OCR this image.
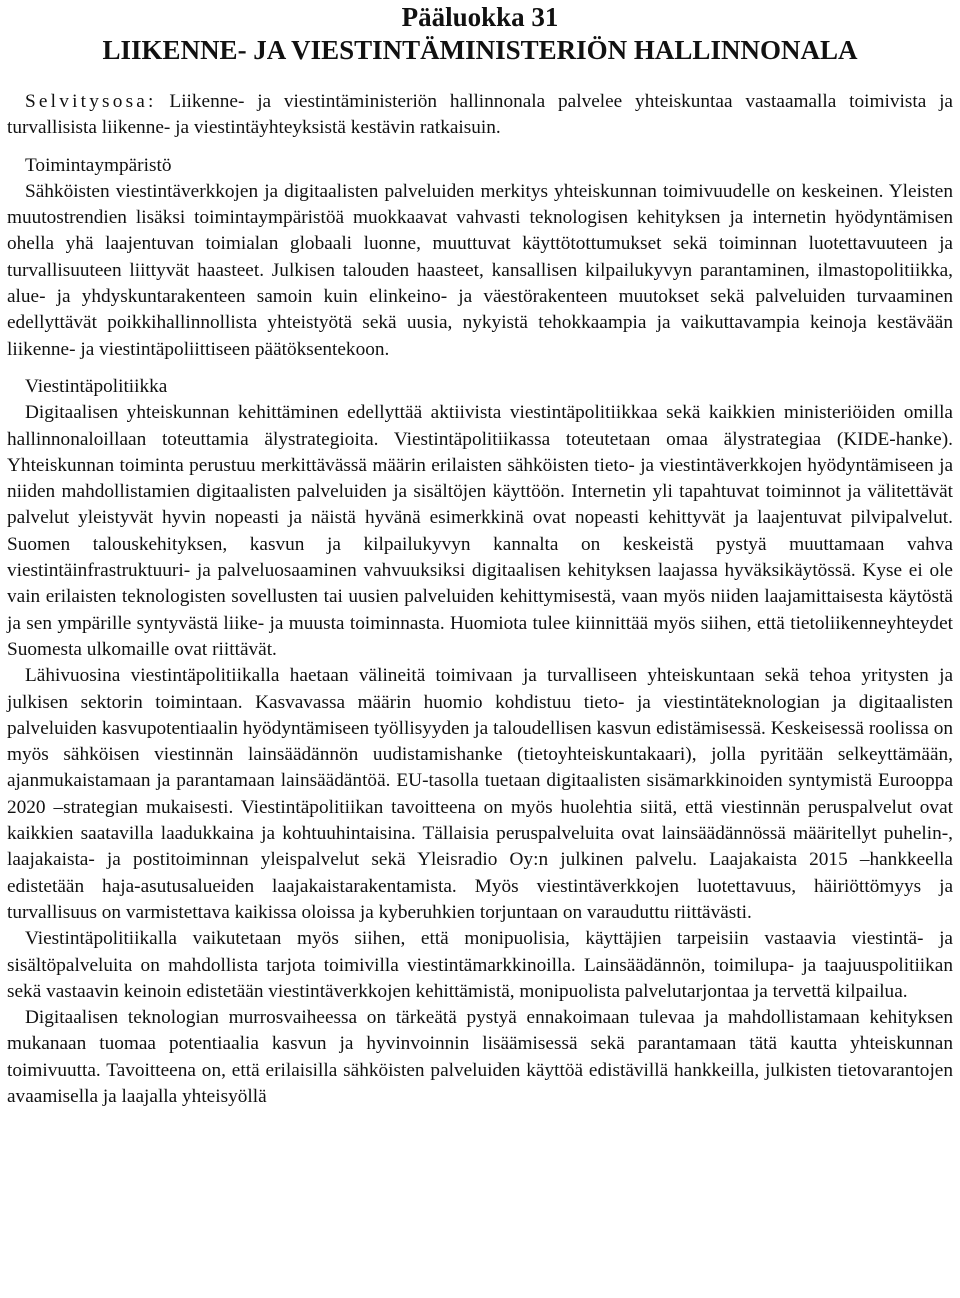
Pääluokka 31
LIIKENNE- JA VIESTINTÄMINISTERIÖN HALLINNONALA

Selvitysosa: Liikenne- ja viestintäministeriön hallinnonala palvelee yhteiskuntaa vastaamalla toimivista ja turvallisista liikenne- ja viestintäyhteyksistä kestävin ratkaisuin.

Toimintaympäristö

Sähköisten viestintäverkkojen ja digitaalisten palveluiden merkitys yhteiskunnan toimivuudelle on keskeinen. Yleisten muutostrendien lisäksi toimintaympäristöä muokkaavat vahvasti teknologisen kehityksen ja internetin hyödyntämisen ohella yhä laajentuvan toimialan globaali luonne, muuttuvat käyttötottumukset sekä toiminnan luotettavuuteen ja turvallisuuteen liittyvät haasteet. Julkisen talouden haasteet, kansallisen kilpailukyvyn parantaminen, ilmastopolitiikka, alue- ja yhdyskuntarakenteen samoin kuin elinkeino- ja väestörakenteen muutokset sekä palveluiden turvaaminen edellyttävät poikkihallinnollista yhteistyötä sekä uusia, nykyistä tehokkaampia ja vaikuttavampia keinoja kestävään liikenne- ja viestintäpoliittiseen päätöksentekoon.

Viestintäpolitiikka

Digitaalisen yhteiskunnan kehittäminen edellyttää aktiivista viestintäpolitiikkaa sekä kaikkien ministeriöiden omilla hallinnonaloillaan toteuttamia älystrategioita. Viestintäpolitiikassa toteutetaan omaa älystrategiaa (KIDE-hanke). Yhteiskunnan toiminta perustuu merkittävässä määrin erilaisten sähköisten tieto- ja viestintäverkkojen hyödyntämiseen ja niiden mahdollistamien digitaalisten palveluiden ja sisältöjen käyttöön. Internetin yli tapahtuvat toiminnot ja välitettävät palvelut yleistyvät hyvin nopeasti ja näistä hyvänä esimerkkinä ovat nopeasti kehittyvät ja laajentuvat pilvipalvelut. Suomen talouskehityksen, kasvun ja kilpailukyvyn kannalta on keskeistä pystyä muuttamaan vahva viestintäinfrastruktuuri- ja palveluosaaminen vahvuuksiksi digitaalisen kehityksen laajassa hyväksikäytössä. Kyse ei ole vain erilaisten teknologisten sovellusten tai uusien palveluiden kehittymisestä, vaan myös niiden laajamittaisesta käytöstä ja sen ympärille syntyvästä liike- ja muusta toiminnasta. Huomiota tulee kiinnittää myös siihen, että tietoliikenneyhteydet Suomesta ulkomaille ovat riittävät.

Lähivuosina viestintäpolitiikalla haetaan välineitä toimivaan ja turvalliseen yhteiskuntaan sekä tehoa yritysten ja julkisen sektorin toimintaan. Kasvavassa määrin huomio kohdistuu tieto- ja viestintäteknologian ja digitaalisten palveluiden kasvupotentiaalin hyödyntämiseen työllisyyden ja taloudellisen kasvun edistämisessä. Keskeisessä roolissa on myös sähköisen viestinnän lainsäädännön uudistamishanke (tietoyhteiskuntakaari), jolla pyritään selkeyttämään, ajanmukaistamaan ja parantamaan lainsäädäntöä. EU-tasolla tuetaan digitaalisten sisämarkkinoiden syntymistä Eurooppa 2020 –strategian mukaisesti. Viestintäpolitiikan tavoitteena on myös huolehtia siitä, että viestinnän peruspalvelut ovat kaikkien saatavilla laadukkaina ja kohtuuhintaisina. Tällaisia peruspalveluita ovat lainsäädännössä määritellyt puhelin-, laajakaista- ja postitoiminnan yleispalvelut sekä Yleisradio Oy:n julkinen palvelu. Laajakaista 2015 –hankkeella edistetään haja-asutusalueiden laajakaistarakentamista. Myös viestintäverkkojen luotettavuus, häiriöttömyys ja turvallisuus on varmistettava kaikissa oloissa ja kyberuhkien torjuntaan on varauduttu riittävästi.

Viestintäpolitiikalla vaikutetaan myös siihen, että monipuolisia, käyttäjien tarpeisiin vastaavia viestintä- ja sisältöpalveluita on mahdollista tarjota toimivilla viestintämarkkinoilla. Lainsäädännön, toimilupa- ja taajuuspolitiikan sekä vastaavin keinoin edistetään viestintäverkkojen kehittämistä, monipuolista palvelutarjontaa ja tervettä kilpailua.

Digitaalisen teknologian murrosvaiheessa on tärkeätä pystyä ennakoimaan tulevaa ja mahdollistamaan kehityksen mukanaan tuomaa potentiaalia kasvun ja hyvinvoinnin lisäämisessä sekä parantamaan tätä kautta yhteiskunnan toimivuutta. Tavoitteena on, että erilaisilla sähköisten palveluiden käyttöä edistävillä hankkeilla, julkisten tietovarantojen avaamisella ja laajalla yhteisyöllä
